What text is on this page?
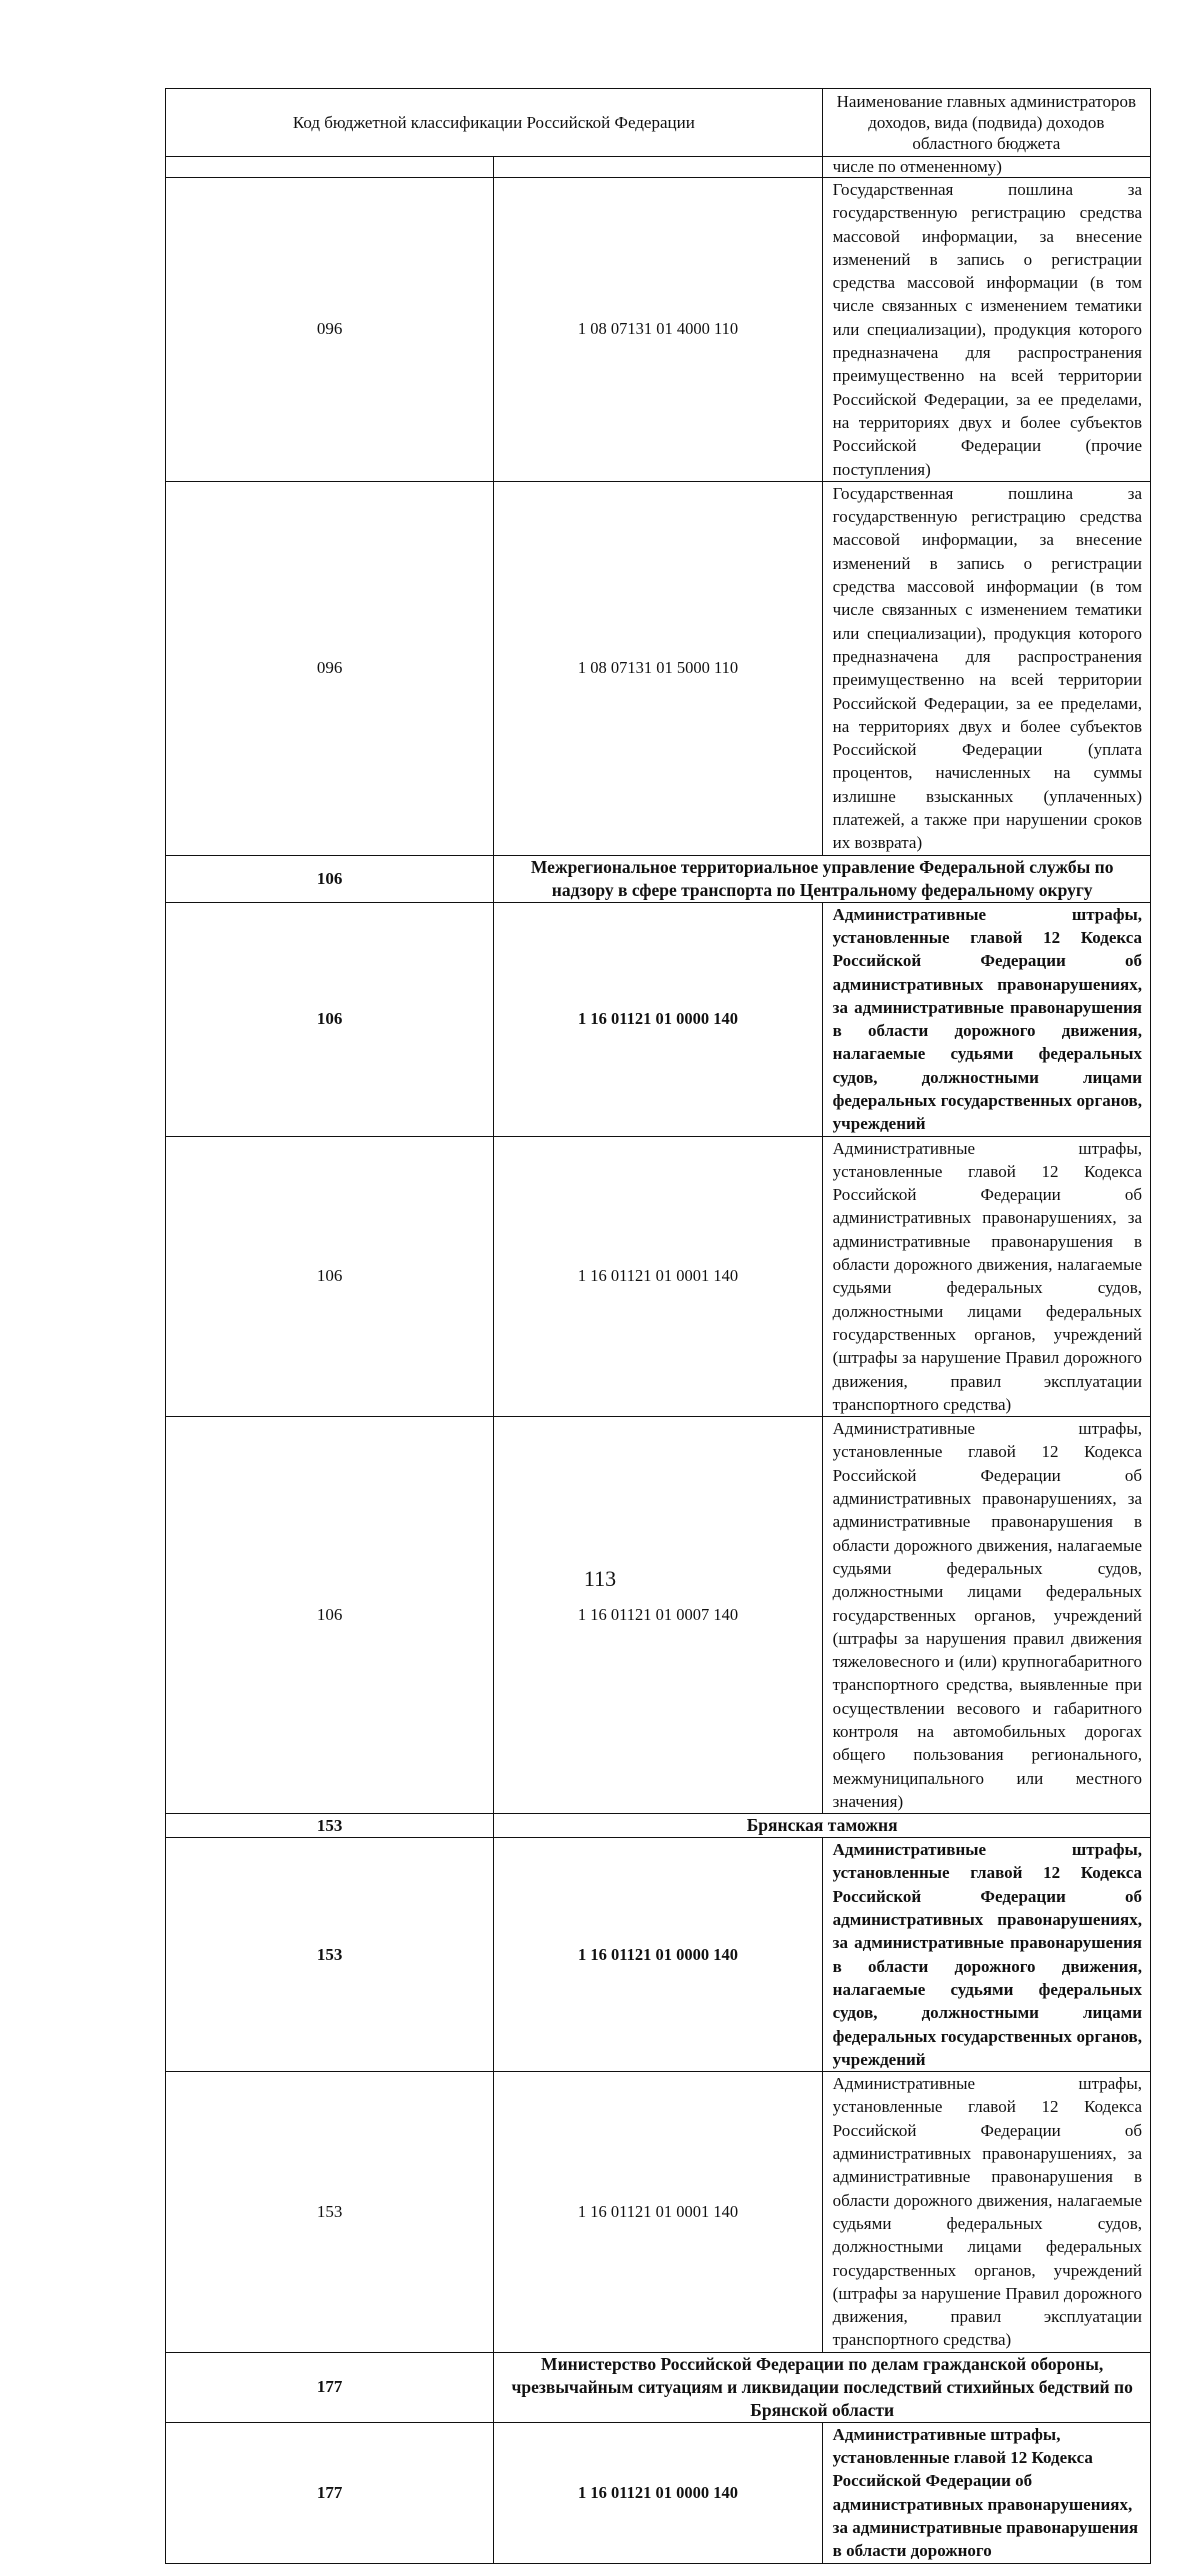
Код бюджетной классификации Российской Федерации		Наименование главных администраторов доходов, вида (подвида) доходов областного бюджета
		числе по отмененному)
096	1 08 07131 01 4000 110	Государственная пошлина за государственную регистрацию средства массовой информации, за внесение изменений в запись о регистрации средства массовой информации (в том числе связанных с изменением тематики или специализации), продукция которого предназначена для распространения преимущественно на всей территории Российской Федерации, за ее пределами, на территориях двух и более субъектов Российской Федерации (прочие поступления)
096	1 08 07131 01 5000 110	Государственная пошлина за государственную регистрацию средства массовой информации, за внесение изменений в запись о регистрации средства массовой информации (в том числе связанных с изменением тематики или специализации), продукция которого предназначена для распространения преимущественно на всей территории Российской Федерации, за ее пределами, на территориях двух и более субъектов Российской Федерации (уплата процентов, начисленных на суммы излишне взысканных (уплаченных) платежей, а также при нарушении сроков их возврата)
106	Межрегиональное территориальное управление Федеральной службы по надзору в сфере транспорта по Центральному федеральному округу	
106	1 16 01121 01 0000 140	Административные штрафы, установленные главой 12 Кодекса Российской Федерации об административных правонарушениях, за административные правонарушения в области дорожного движения, налагаемые судьями федеральных судов, должностными лицами федеральных государственных органов, учреждений
106	1 16 01121 01 0001 140	Административные штрафы, установленные главой 12 Кодекса Российской Федерации об административных правонарушениях, за административные правонарушения в области дорожного движения, налагаемые судьями федеральных судов, должностными лицами федеральных государственных органов, учреждений (штрафы за нарушение Правил дорожного движения, правил эксплуатации транспортного средства)
106	1 16 01121 01 0007 140	Административные штрафы, установленные главой 12 Кодекса Российской Федерации об административных правонарушениях, за административные правонарушения в области дорожного движения, налагаемые судьями федеральных судов, должностными лицами федеральных государственных органов, учреждений (штрафы за нарушения правил движения тяжеловесного и (или) крупногабаритного транспортного средства, выявленные при осуществлении весового и габаритного контроля на автомобильных дорогах общего пользования регионального, межмуниципального или местного значения)
153	Брянская таможня	
153	1 16 01121 01 0000 140	Административные штрафы, установленные главой 12 Кодекса Российской Федерации об административных правонарушениях, за административные правонарушения в области дорожного движения, налагаемые судьями федеральных судов, должностными лицами федеральных государственных органов, учреждений
153	1 16 01121 01 0001 140	Административные штрафы, установленные главой 12 Кодекса Российской Федерации об административных правонарушениях, за административные правонарушения в области дорожного движения, налагаемые судьями федеральных судов, должностными лицами федеральных государственных органов, учреждений (штрафы за нарушение Правил дорожного движения, правил эксплуатации транспортного средства)
177	Министерство Российской Федерации по делам гражданской обороны, чрезвычайным ситуациям и ликвидации последствий стихийных бедствий по Брянской области	
177	1 16 01121 01 0000 140	Административные штрафы, установленные главой 12 Кодекса Российской Федерации об административных правонарушениях, за административные правонарушения в области дорожного
113
